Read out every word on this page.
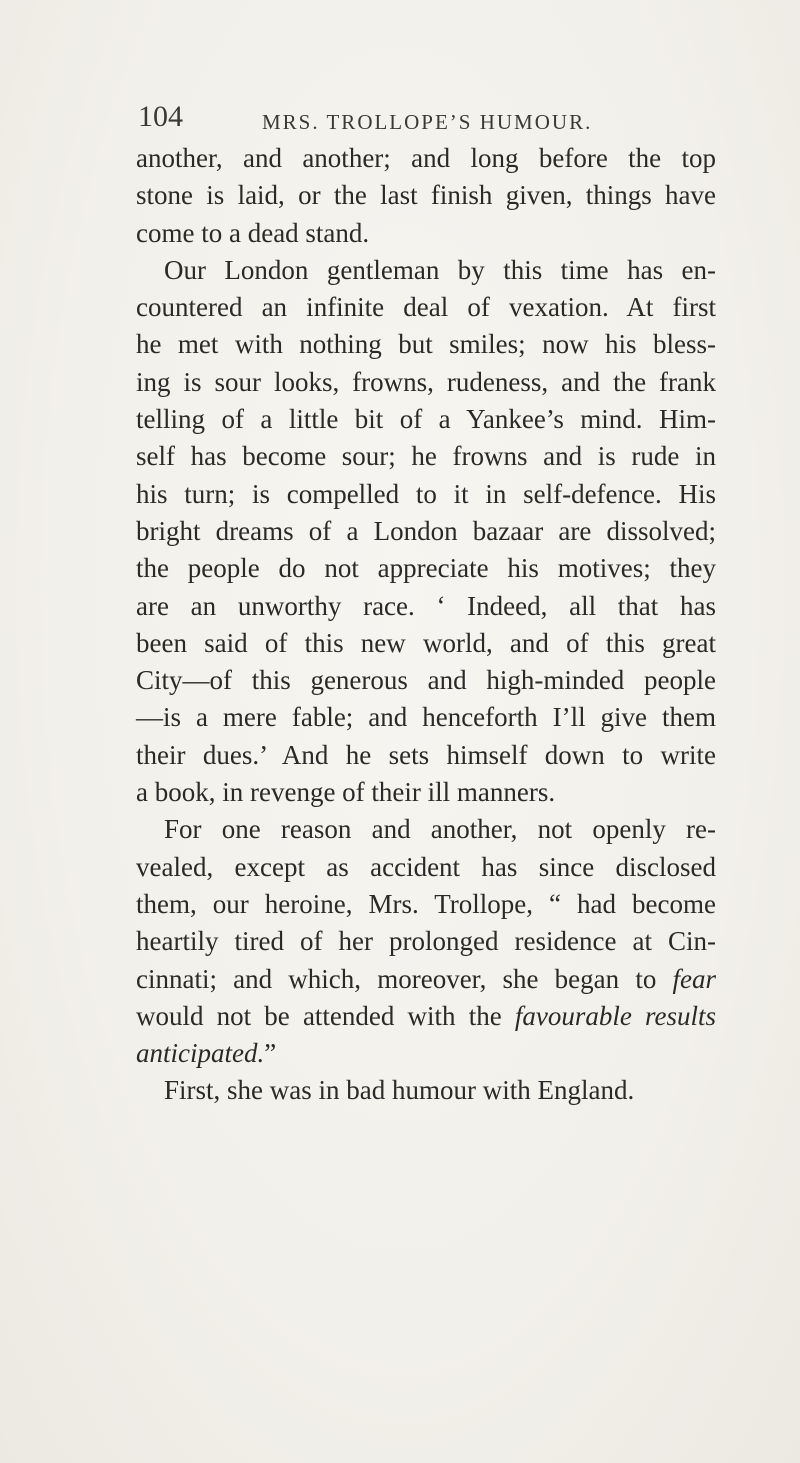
104	MRS. TROLLOPE’S HUMOUR.
another, and another; and long before the top
stone is laid, or the last finish given, things have
come to a dead stand.
Our London gentleman by this time has en-
countered an infinite deal of vexation. At first
he met with nothing but smiles; now his bless-
ing is sour looks, frowns, rudeness, and the frank
telling of a little bit of a Yankee’s mind. Him-
self has become sour; he frowns and is rude in
his turn; is compelled to it in self-defence. His
bright dreams of a London bazaar are dissolved;
the people do not appreciate his motives; they
are an unworthy race. ‘ Indeed, all that has
been said of this new world, and of this great
City—of this generous and high-minded people
—is a mere fable; and henceforth I’ll give them
their dues.’ And he sets himself down to write
a book, in revenge of their ill manners.
For one reason and another, not openly re-
vealed, except as accident has since disclosed
them, our heroine, Mrs. Trollope, “ had become
heartily tired of her prolonged residence at Cin-
cinnati; and which, moreover, she began to fear
would not be attended with the favourable results
anticipated.”
First, she was in bad humour with England.
